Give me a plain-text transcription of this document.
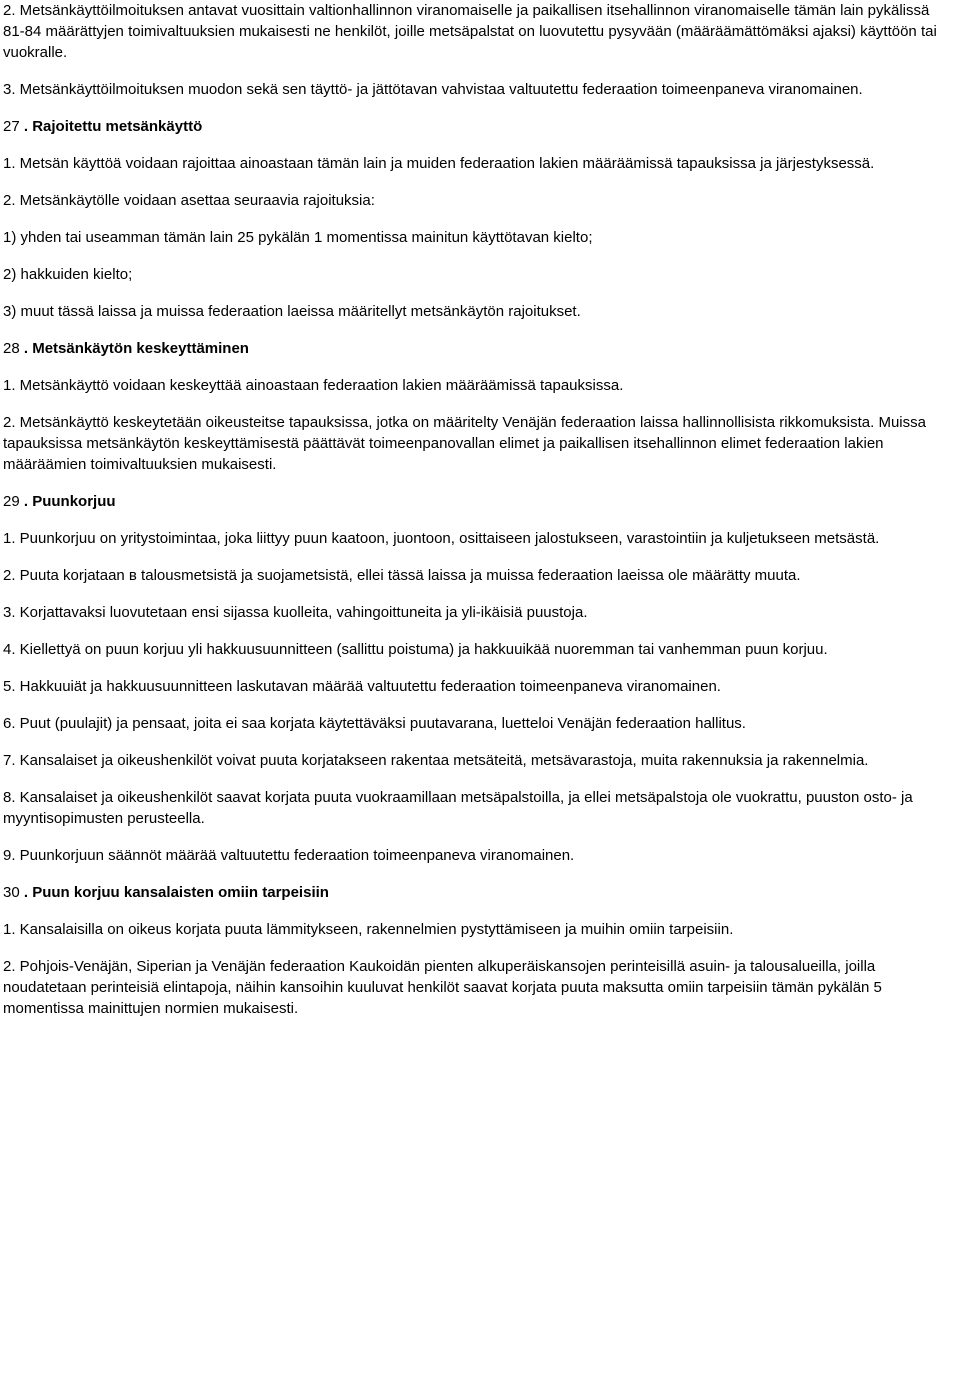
2. Metsänkäyttöilmoituksen antavat vuosittain valtionhallinnon viranomaiselle ja paikallisen itsehallinnon viranomaiselle tämän lain pykälissä 81-84 määrättyjen toimivaltuuksien mukaisesti ne henkilöt, joille metsäpalstat on luovutettu pysyvään (määräämättömäksi ajaksi) käyttöön tai vuokralle.

3. Metsänkäyttöilmoituksen muodon sekä sen täyttö- ja jättötavan vahvistaa valtuutettu federaation toimeenpaneva viranomainen.

27 . Rajoitettu metsänkäyttö

1. Metsän käyttöä voidaan rajoittaa ainoastaan tämän lain ja muiden federaation lakien määräämissä tapauksissa ja järjestyksessä.

2. Metsänkäytölle voidaan asettaa seuraavia rajoituksia:

1) yhden tai useamman tämän lain 25 pykälän 1 momentissa mainitun käyttötavan kielto;

2) hakkuiden kielto;

3) muut tässä laissa ja muissa federaation laeissa määritellyt metsänkäytön rajoitukset.

28 . Metsänkäytön keskeyttäminen

1. Metsänkäyttö voidaan keskeyttää ainoastaan federaation lakien määräämissä tapauksissa.

2. Metsänkäyttö keskeytetään oikeusteitse tapauksissa, jotka on määritelty Venäjän federaation laissa hallinnollisista rikkomuksista. Muissa tapauksissa metsänkäytön keskeyttämisestä päättävät toimeenpanovallan elimet ja paikallisen itsehallinnon elimet federaation lakien määräämien toimivaltuuksien mukaisesti.

29 . Puunkorjuu

1. Puunkorjuu on yritystoimintaa, joka liittyy puun kaatoon, juontoon, osittaiseen jalostukseen, varastointiin ja kuljetukseen metsästä.

2. Puuta korjataan в talousmetsistä ja suojametsistä, ellei tässä laissa ja muissa federaation laeissa ole määrätty muuta.

3. Korjattavaksi luovutetaan ensi sijassa kuolleita, vahingoittuneita ja yli-ikäisiä puustoja.

4. Kiellettyä on puun korjuu yli hakkuusuunnitteen (sallittu poistuma) ja hakkuuikää nuoremman tai vanhemman puun korjuu.

5. Hakkuuiät ja hakkuusuunnitteen laskutavan määrää valtuutettu federaation toimeenpaneva viranomainen.

6. Puut (puulajit) ja pensaat, joita ei saa korjata käytettäväksi puutavarana, luetteloi Venäjän federaation hallitus.

7. Kansalaiset ja oikeushenkilöt voivat puuta korjatakseen rakentaa metsäteitä, metsävarastoja, muita rakennuksia ja rakennelmia.

8. Kansalaiset ja oikeushenkilöt saavat korjata puuta vuokraamillaan metsäpalstoilla, ja ellei metsäpalstoja ole vuokrattu, puuston osto- ja myyntisopimusten perusteella.

9. Puunkorjuun säännöt määrää valtuutettu federaation toimeenpaneva viranomainen.

30 . Puun korjuu kansalaisten omiin tarpeisiin

1. Kansalaisilla on oikeus korjata puuta lämmitykseen, rakennelmien pystyttämiseen ja muihin omiin tarpeisiin.

2. Pohjois-Venäjän, Siperian ja Venäjän federaation Kaukoidän pienten alkuperäiskansojen perinteisillä asuin- ja talousalueilla, joilla noudatetaan perinteisiä elintapoja, näihin kansoihin kuuluvat henkilöt saavat korjata puuta maksutta omiin tarpeisiin tämän pykälän 5 momentissa mainittujen normien mukaisesti.
